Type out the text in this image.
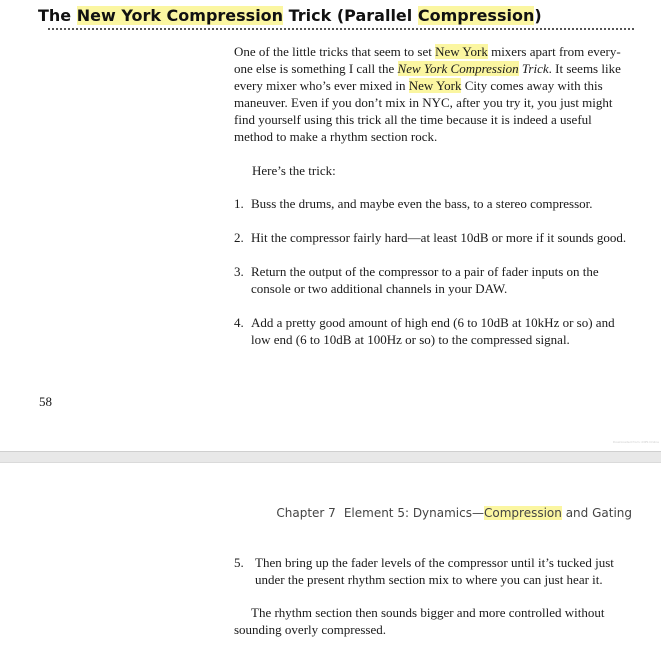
The New York Compression Trick (Parallel Compression)
One of the little tricks that seem to set New York mixers apart from every-one else is something I call the New York Compression Trick. It seems like every mixer who’s ever mixed in New York City comes away with this maneuver. Even if you don’t mix in NYC, after you try it, you just might find yourself using this trick all the time because it is indeed a useful method to make a rhythm section rock.
Here’s the trick:
1. Buss the drums, and maybe even the bass, to a stereo compressor.
2. Hit the compressor fairly hard—at least 10dB or more if it sounds good.
3. Return the output of the compressor to a pair of fader inputs on the console or two additional channels in your DAW.
4. Add a pretty good amount of high end (6 to 10dB at 10kHz or so) and low end (6 to 10dB at 100Hz or so) to the compressed signal.
58
Downloaded from: iDPS Online
Chapter 7 Element 5: Dynamics—Compression and Gating
5. Then bring up the fader levels of the compressor until it’s tucked just under the present rhythm section mix to where you can just hear it.
The rhythm section then sounds bigger and more controlled without sounding overly compressed.
